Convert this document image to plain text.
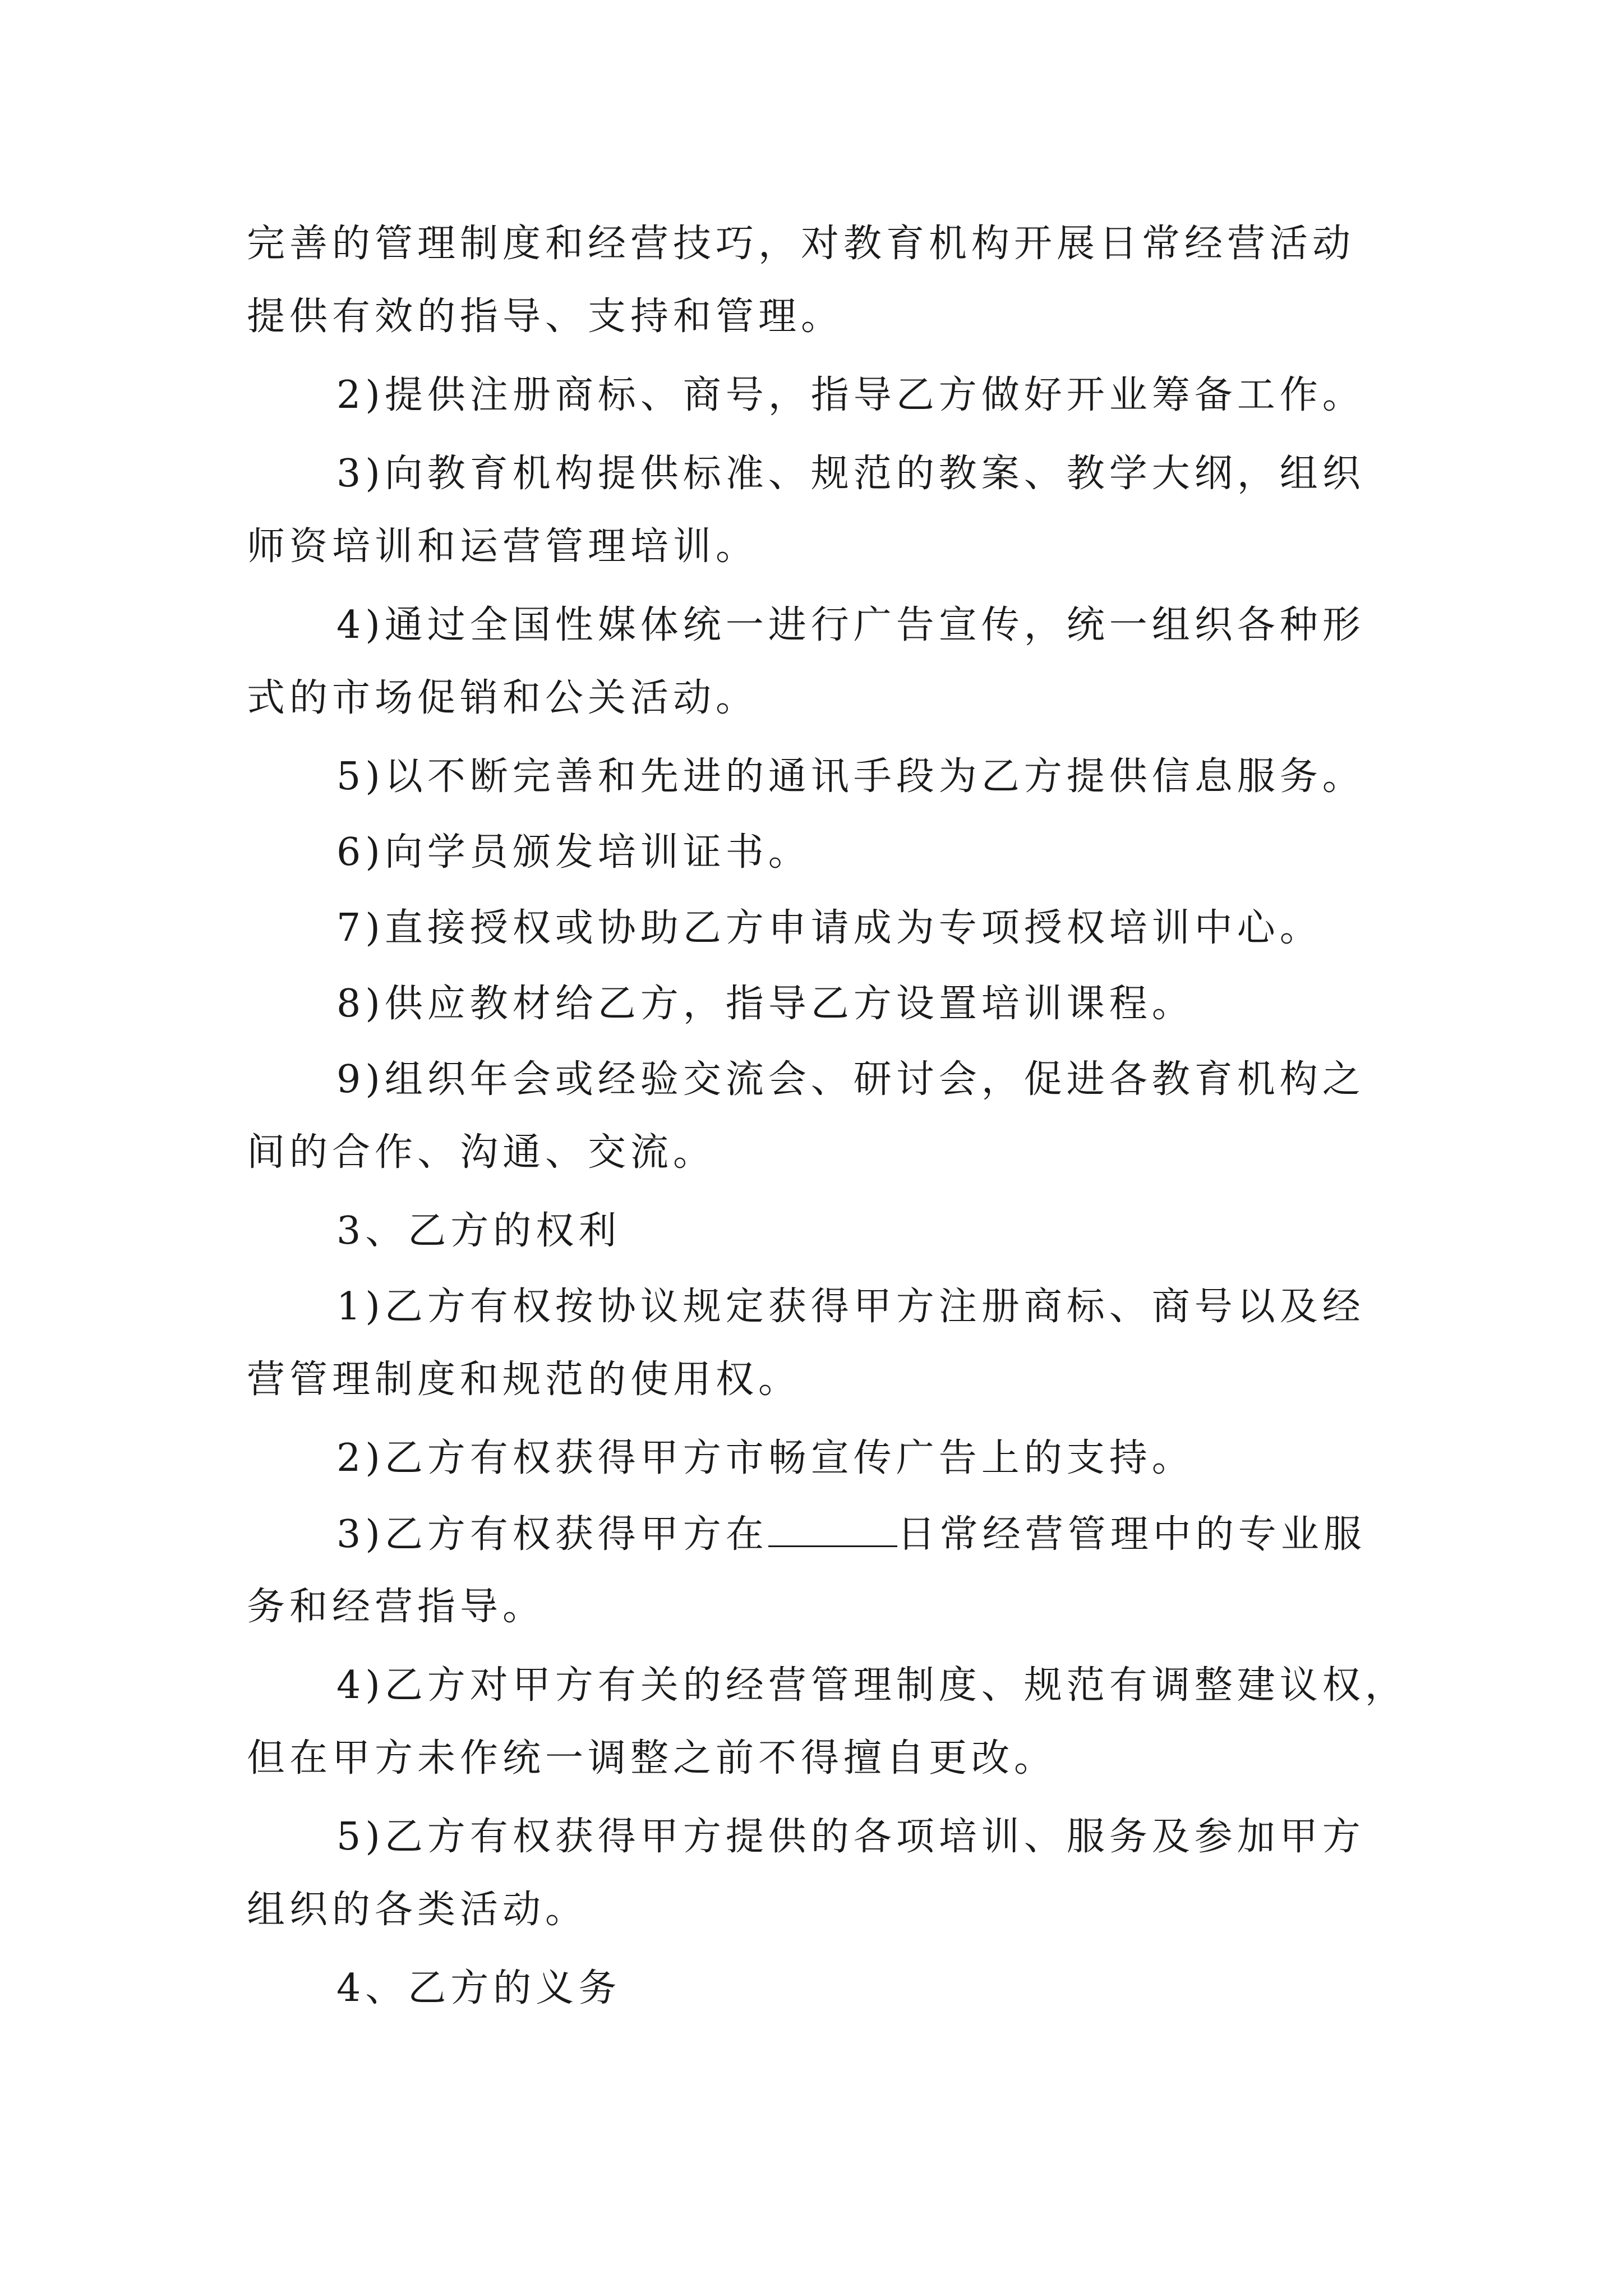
完善的管理制度和经营技巧，对教育机构开展日常经营活动

提供有效的指导、支持和管理。

2)提供注册商标、商号，指导乙方做好开业筹备工作。

3)向教育机构提供标准、规范的教案、教学大纲，组织

师资培训和运营管理培训。

4)通过全国性媒体统一进行广告宣传，统一组织各种形

式的市场促销和公关活动。

5)以不断完善和先进的通讯手段为乙方提供信息服务。

6)向学员颁发培训证书。

7)直接授权或协助乙方申请成为专项授权培训中心。

8)供应教材给乙方，指导乙方设置培训课程。

9)组织年会或经验交流会、研讨会，促进各教育机构之

间的合作、沟通、交流。

3、乙方的权利

1)乙方有权按协议规定获得甲方注册商标、商号以及经

营管理制度和规范的使用权。

2)乙方有权获得甲方市畅宣传广告上的支持。

3)乙方有权获得甲方在	日常经营管理中的专业服

务和经营指导。

4)乙方对甲方有关的经营管理制度、规范有调整建议权，

但在甲方未作统一调整之前不得擅自更改。

5)乙方有权获得甲方提供的各项培训、服务及参加甲方

组织的各类活动。

4、乙方的义务
